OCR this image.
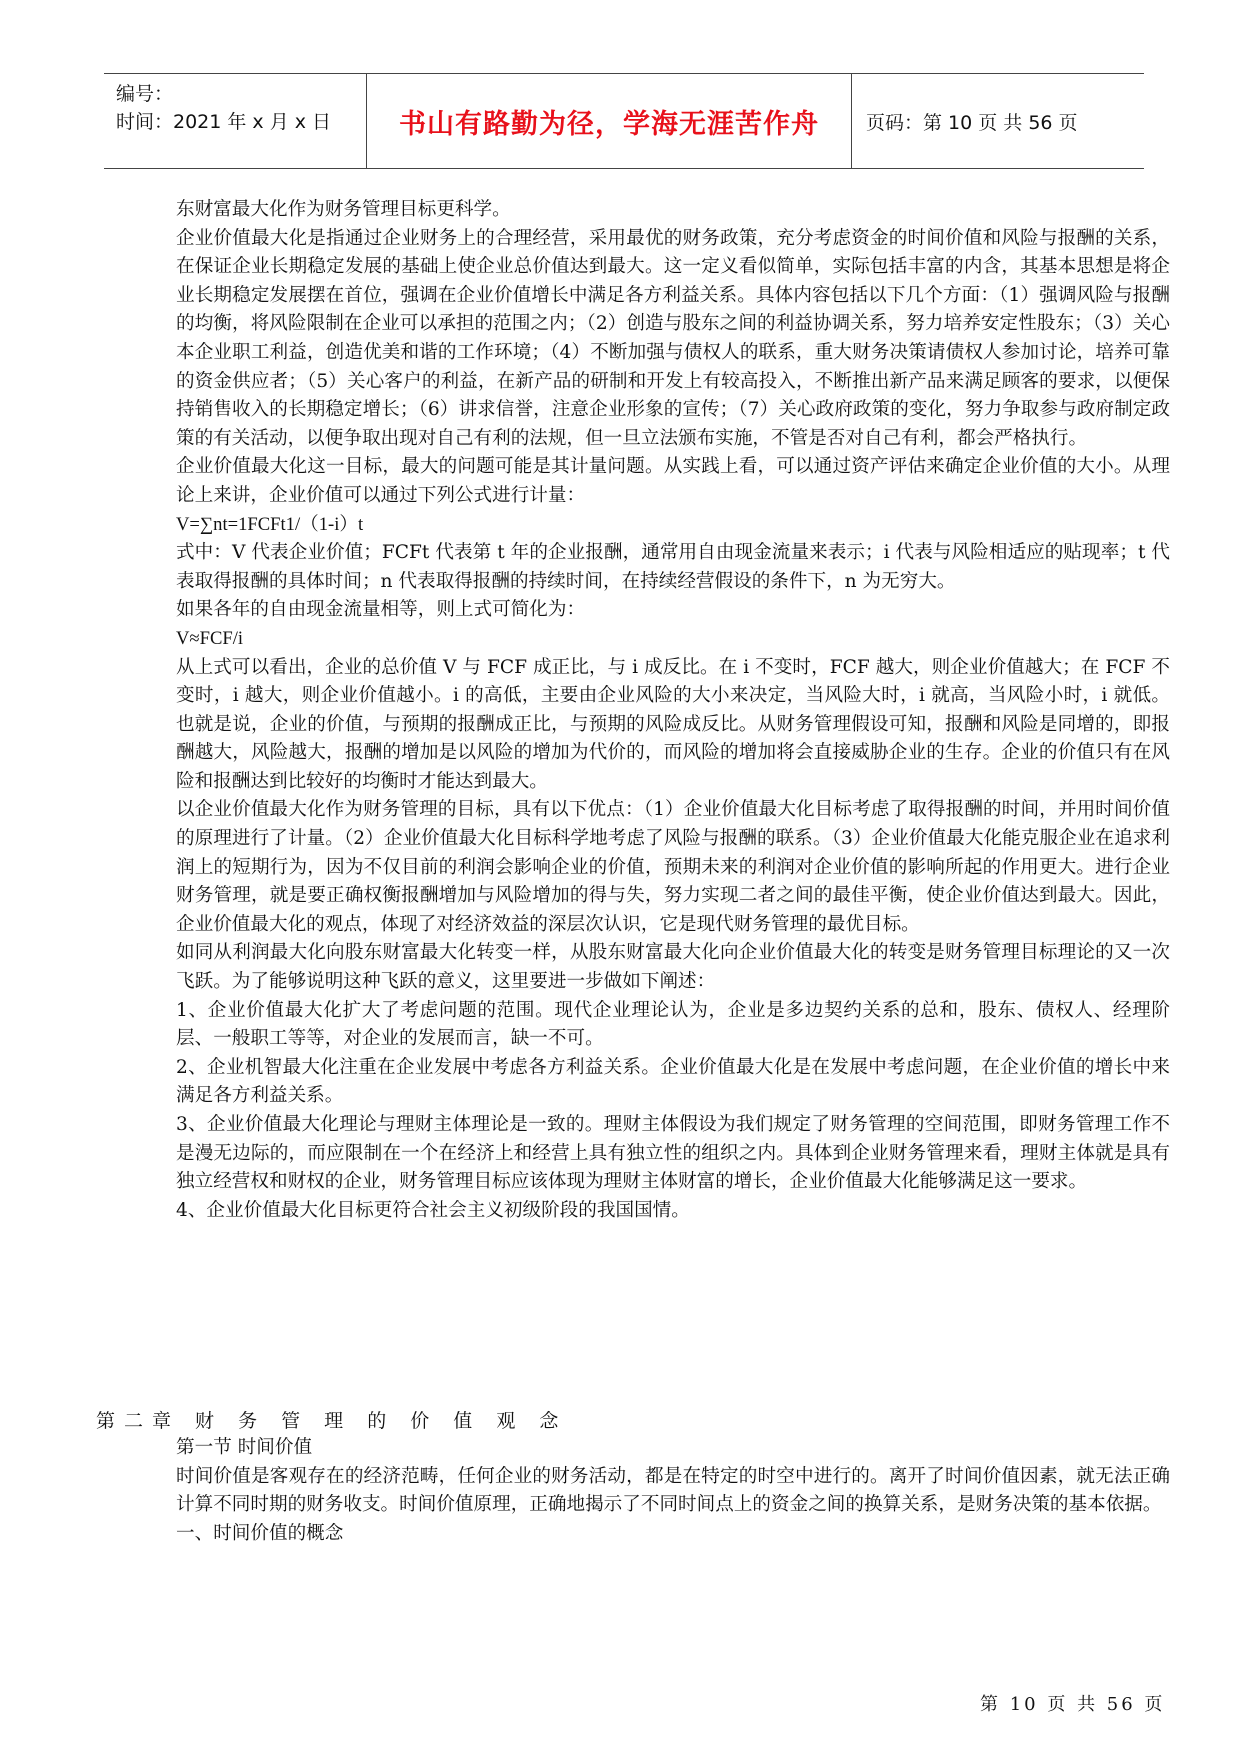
编号：
时间：2021 年 x 月 x 日	书山有路勤为径，学海无涯苦作舟	页码：第 10 页 共 56 页

东财富最大化作为财务管理目标更科学。

企业价值最大化是指通过企业财务上的合理经营，采用最优的财务政策，充分考虑资金的时间价值和风险与报酬的关系，在保证企业长期稳定发展的基础上使企业总价值达到最大。这一定义看似简单，实际包括丰富的内含，其基本思想是将企业长期稳定发展摆在首位，强调在企业价值增长中满足各方利益关系。具体内容包括以下几个方面：（1）强调风险与报酬的均衡，将风险限制在企业可以承担的范围之内；（2）创造与股东之间的利益协调关系，努力培养安定性股东；（3）关心本企业职工利益，创造优美和谐的工作环境；（4）不断加强与债权人的联系，重大财务决策请债权人参加讨论，培养可靠的资金供应者；（5）关心客户的利益，在新产品的研制和开发上有较高投入，不断推出新产品来满足顾客的要求，以便保持销售收入的长期稳定增长；（6）讲求信誉，注意企业形象的宣传；（7）关心政府政策的变化，努力争取参与政府制定政策的有关活动，以便争取出现对自己有利的法规，但一旦立法颁布实施，不管是否对自己有利，都会严格执行。

企业价值最大化这一目标，最大的问题可能是其计量问题。从实践上看，可以通过资产评估来确定企业价值的大小。从理论上来讲，企业价值可以通过下列公式进行计量：

V=∑nt=1FCFt1/（1-i）t

式中：V 代表企业价值；FCFt 代表第 t 年的企业报酬，通常用自由现金流量来表示；i 代表与风险相适应的贴现率；t 代表取得报酬的具体时间；n 代表取得报酬的持续时间，在持续经营假设的条件下，n 为无穷大。

如果各年的自由现金流量相等，则上式可简化为：

V≈FCF/i

从上式可以看出，企业的总价值 V 与 FCF 成正比，与 i 成反比。在 i 不变时，FCF 越大，则企业价值越大；在 FCF 不变时，i 越大，则企业价值越小。i 的高低，主要由企业风险的大小来决定，当风险大时，i 就高，当风险小时，i 就低。也就是说，企业的价值，与预期的报酬成正比，与预期的风险成反比。从财务管理假设可知，报酬和风险是同增的，即报酬越大，风险越大，报酬的增加是以风险的增加为代价的，而风险的增加将会直接威胁企业的生存。企业的价值只有在风险和报酬达到比较好的均衡时才能达到最大。

以企业价值最大化作为财务管理的目标，具有以下优点：（1）企业价值最大化目标考虑了取得报酬的时间，并用时间价值的原理进行了计量。（2）企业价值最大化目标科学地考虑了风险与报酬的联系。（3）企业价值最大化能克服企业在追求利润上的短期行为，因为不仅目前的利润会影响企业的价值，预期未来的利润对企业价值的影响所起的作用更大。进行企业财务管理，就是要正确权衡报酬增加与风险增加的得与失，努力实现二者之间的最佳平衡，使企业价值达到最大。因此，企业价值最大化的观点，体现了对经济效益的深层次认识，它是现代财务管理的最优目标。

如同从利润最大化向股东财富最大化转变一样，从股东财富最大化向企业价值最大化的转变是财务管理目标理论的又一次飞跃。为了能够说明这种飞跃的意义，这里要进一步做如下阐述：

1、企业价值最大化扩大了考虑问题的范围。现代企业理论认为，企业是多边契约关系的总和，股东、债权人、经理阶层、一般职工等等，对企业的发展而言，缺一不可。

2、企业机智最大化注重在企业发展中考虑各方利益关系。企业价值最大化是在发展中考虑问题，在企业价值的增长中来满足各方利益关系。

3、企业价值最大化理论与理财主体理论是一致的。理财主体假设为我们规定了财务管理的空间范围，即财务管理工作不是漫无边际的，而应限制在一个在经济上和经营上具有独立性的组织之内。具体到企业财务管理来看，理财主体就是具有独立经营权和财权的企业，财务管理目标应该体现为理财主体财富的增长，企业价值最大化能够满足这一要求。

4、企业价值最大化目标更符合社会主义初级阶段的我国国情。

第二章 财 务 管 理 的 价 值 观 念

第一节 时间价值

时间价值是客观存在的经济范畴，任何企业的财务活动，都是在特定的时空中进行的。离开了时间价值因素，就无法正确计算不同时期的财务收支。时间价值原理，正确地揭示了不同时间点上的资金之间的换算关系，是财务决策的基本依据。

一、时间价值的概念

第 10 页 共 56 页
